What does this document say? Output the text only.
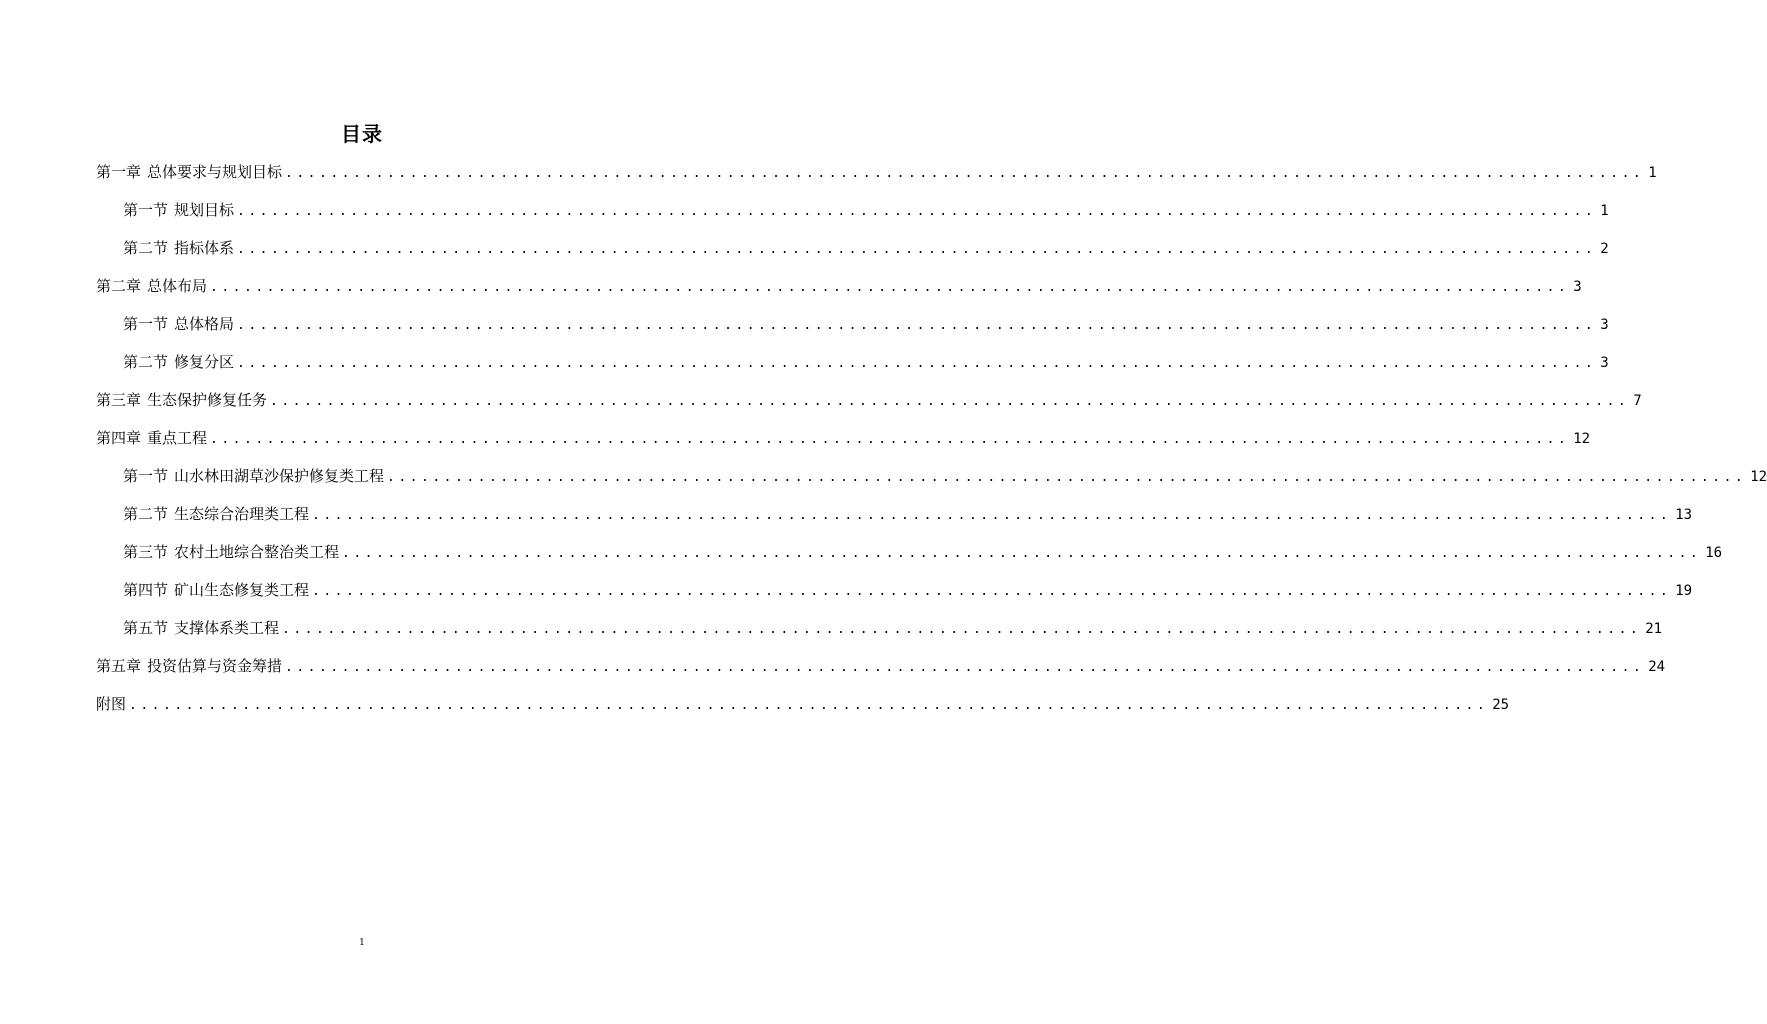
目录
第一章 总体要求与规划目标 ........................................................................................................................ 1
第一节 规划目标 ........................................................................................................................ 1
第二节 指标体系 ........................................................................................................................ 2
第二章 总体布局 ........................................................................................................................ 3
第一节 总体格局 ........................................................................................................................ 3
第二节 修复分区 ........................................................................................................................ 3
第三章 生态保护修复任务 ........................................................................................................................ 7
第四章 重点工程 ........................................................................................................................ 12
第一节 山水林田湖草沙保护修复类工程 ........................................................................................................................ 12
第二节 生态综合治理类工程 ........................................................................................................................ 13
第三节 农村土地综合整治类工程 ........................................................................................................................ 16
第四节 矿山生态修复类工程 ........................................................................................................................ 19
第五节 支撑体系类工程 ........................................................................................................................ 21
第五章 投资估算与资金筹措 ........................................................................................................................ 24
附图 ........................................................................................................................ 25
1
